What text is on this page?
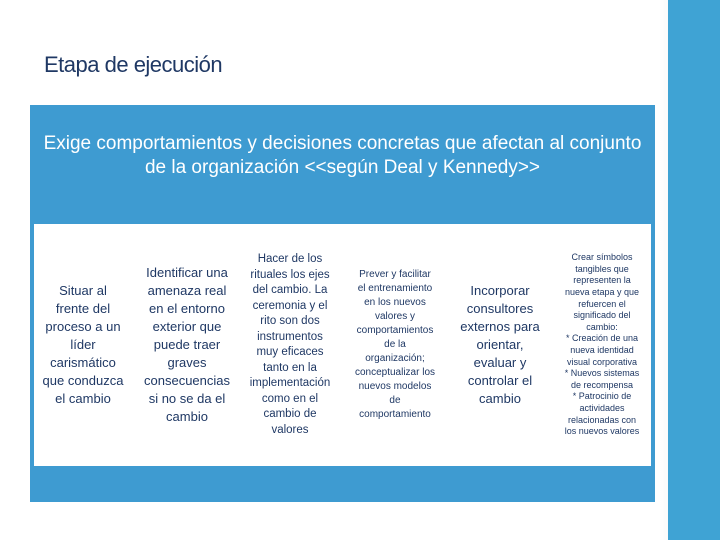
Etapa de ejecución
Exige comportamientos y decisiones concretas que afectan al conjunto de la organización <<según Deal y Kennedy>>
Situar al
frente del
proceso a un
líder
carismático
que conduzca
el cambio
Identificar una
amenaza real
en el entorno
exterior que
puede traer
graves
consecuencias
si no se da el
cambio
Hacer de los
rituales los ejes
del cambio. La
ceremonia y el
rito son dos
instrumentos
muy eficaces
tanto en la
implementación
como en el
cambio de
valores
Prever y facilitar
el entrenamiento
en los nuevos
valores y
comportamientos
de la
organización;
conceptualizar los
nuevos modelos
de
comportamiento
Incorporar
consultores
externos para
orientar,
evaluar y
controlar el
cambio
Crear símbolos
tangibles que
representen la
nueva etapa y que
refuercen el
significado del
cambio:
* Creación de una
nueva identidad
visual corporativa
* Nuevos sistemas
de recompensa
* Patrocinio de
actividades
relacionadas con
los nuevos valores
